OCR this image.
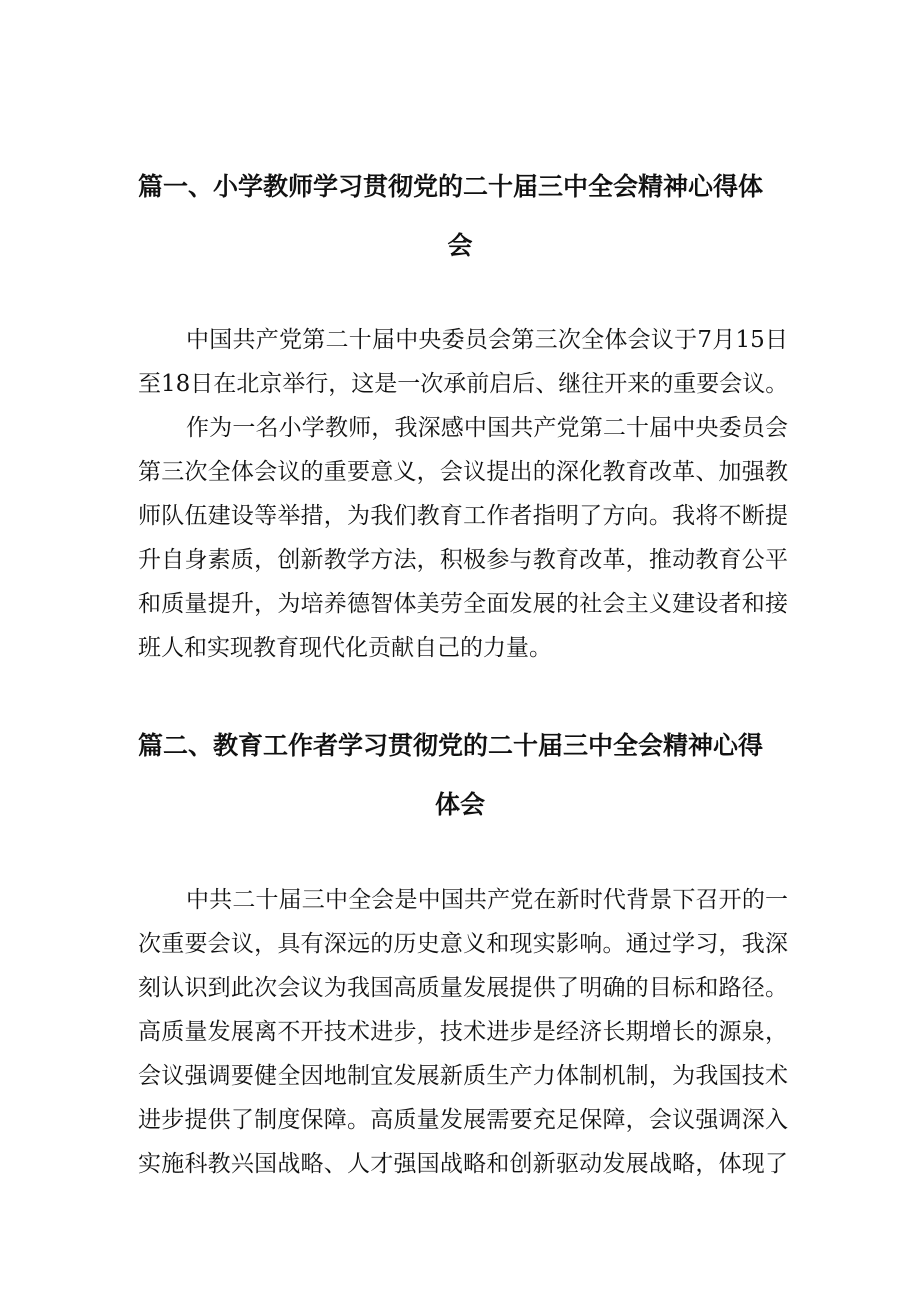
篇一、小学教师学习贯彻党的二十届三中全会精神心得体
会
中国共产党第二十届中央委员会第三次全体会议于7月15日
至18日在北京举行，这是一次承前启后、继往开来的重要会议。
作为一名小学教师，我深感中国共产党第二十届中央委员会
第三次全体会议的重要意义，会议提出的深化教育改革、加强教
师队伍建设等举措，为我们教育工作者指明了方向。我将不断提
升自身素质，创新教学方法，积极参与教育改革，推动教育公平
和质量提升，为培养德智体美劳全面发展的社会主义建设者和接
班人和实现教育现代化贡献自己的力量。
篇二、教育工作者学习贯彻党的二十届三中全会精神心得
体会
中共二十届三中全会是中国共产党在新时代背景下召开的一
次重要会议，具有深远的历史意义和现实影响。通过学习，我深
刻认识到此次会议为我国高质量发展提供了明确的目标和路径。
高质量发展离不开技术进步，技术进步是经济长期增长的源泉，
会议强调要健全因地制宜发展新质生产力体制机制，为我国技术
进步提供了制度保障。高质量发展需要充足保障，会议强调深入
实施科教兴国战略、人才强国战略和创新驱动发展战略，体现了
